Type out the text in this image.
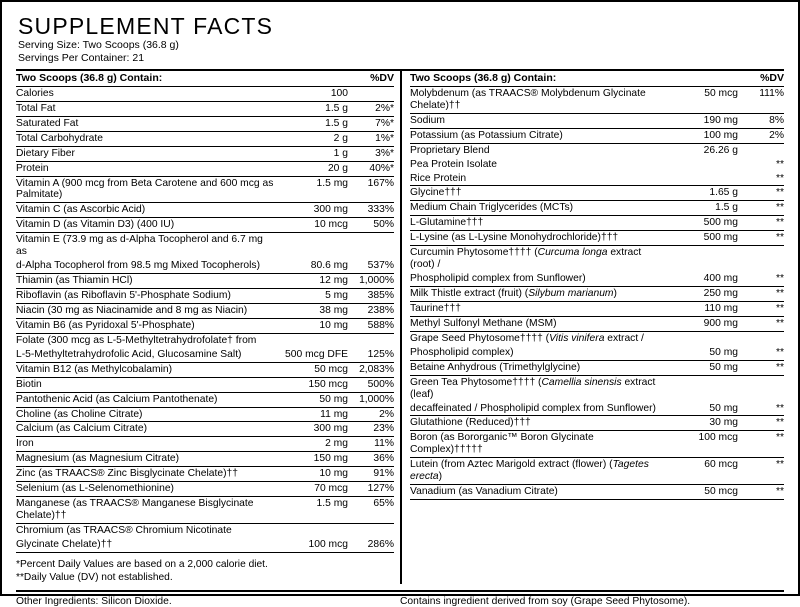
SUPPLEMENT FACTS
Serving Size: Two Scoops (36.8 g)
Servings Per Container: 21
Two Scoops (36.8 g) Contain:		%DV
Calories	100	
Total Fat	1.5 g	2%*
Saturated Fat	1.5 g	7%*
Total Carbohydrate	2 g	1%*
Dietary Fiber	1 g	3%*
Protein	20 g	40%*
Vitamin A (900 mcg from Beta Carotene and 600 mcg as Palmitate)	1.5 mg	167%
Vitamin C (as Ascorbic Acid)	300 mg	333%
Vitamin D (as Vitamin D3) (400 IU)	10 mcg	50%
Vitamin E (73.9 mg as d-Alpha Tocopherol and 6.7 mg as		
d-Alpha Tocopherol from 98.5 mg Mixed Tocopherols)	80.6 mg	537%
Thiamin (as Thiamin HCl)	12 mg	1,000%
Riboflavin (as Riboflavin 5'-Phosphate Sodium)	5 mg	385%
Niacin (30 mg as Niacinamide and 8 mg as Niacin)	38 mg	238%
Vitamin B6 (as Pyridoxal 5'-Phosphate)	10 mg	588%
Folate (300 mcg as L-5-Methyltetrahydrofolate† from		
L-5-Methyltetrahydrofolic Acid, Glucosamine Salt)	500 mcg DFE	125%
Vitamin B12 (as Methylcobalamin)	50 mcg	2,083%
Biotin	150 mcg	500%
Pantothenic Acid (as Calcium Pantothenate)	50 mg	1,000%
Choline (as Choline Citrate)	11 mg	2%
Calcium (as Calcium Citrate)	300 mg	23%
Iron	2 mg	11%
Magnesium (as Magnesium Citrate)	150 mg	36%
Zinc (as TRAACS® Zinc Bisglycinate Chelate)††	10 mg	91%
Selenium (as L-Selenomethionine)	70 mcg	127%
Manganese (as TRAACS® Manganese Bisglycinate Chelate)††	1.5 mg	65%
Chromium (as TRAACS® Chromium Nicotinate		
Glycinate Chelate)††	100 mcg	286%
*Percent Daily Values are based on a 2,000 calorie diet.
**Daily Value (DV) not established.
Two Scoops (36.8 g) Contain:		%DV
Molybdenum (as TRAACS® Molybdenum Glycinate Chelate)††	50 mcg	111%
Sodium	190 mg	8%
Potassium (as Potassium Citrate)	100 mg	2%
Proprietary Blend	26.26 g	
Pea Protein Isolate		**
Rice Protein		**
Glycine†††	1.65 g	**
Medium Chain Triglycerides (MCTs)	1.5 g	**
L-Glutamine†††	500 mg	**
L-Lysine (as L-Lysine Monohydrochloride)†††	500 mg	**
Curcumin Phytosome†††† (Curcuma longa extract (root) /		
Phospholipid complex from Sunflower)	400 mg	**
Milk Thistle extract (fruit) (Silybum marianum)	250 mg	**
Taurine†††	110 mg	**
Methyl Sulfonyl Methane (MSM)	900 mg	**
Grape Seed Phytosome†††† (Vitis vinifera extract /		
Phospholipid complex)	50 mg	**
Betaine Anhydrous (Trimethylglycine)	50 mg	**
Green Tea Phytosome†††† (Camellia sinensis extract (leaf)		
decaffeinated / Phospholipid complex from Sunflower)	50 mg	**
Glutathione (Reduced)†††	30 mg	**
Boron (as Bororganic™ Boron Glycinate Complex)†††††	100 mcg	**
Lutein (from Aztec Marigold extract (flower) (Tagetes erecta)	60 mcg	**
Vanadium (as Vanadium Citrate)	50 mcg	**
Other Ingredients: Silicon Dioxide.	Contains ingredient derived from soy (Grape Seed Phytosome).
